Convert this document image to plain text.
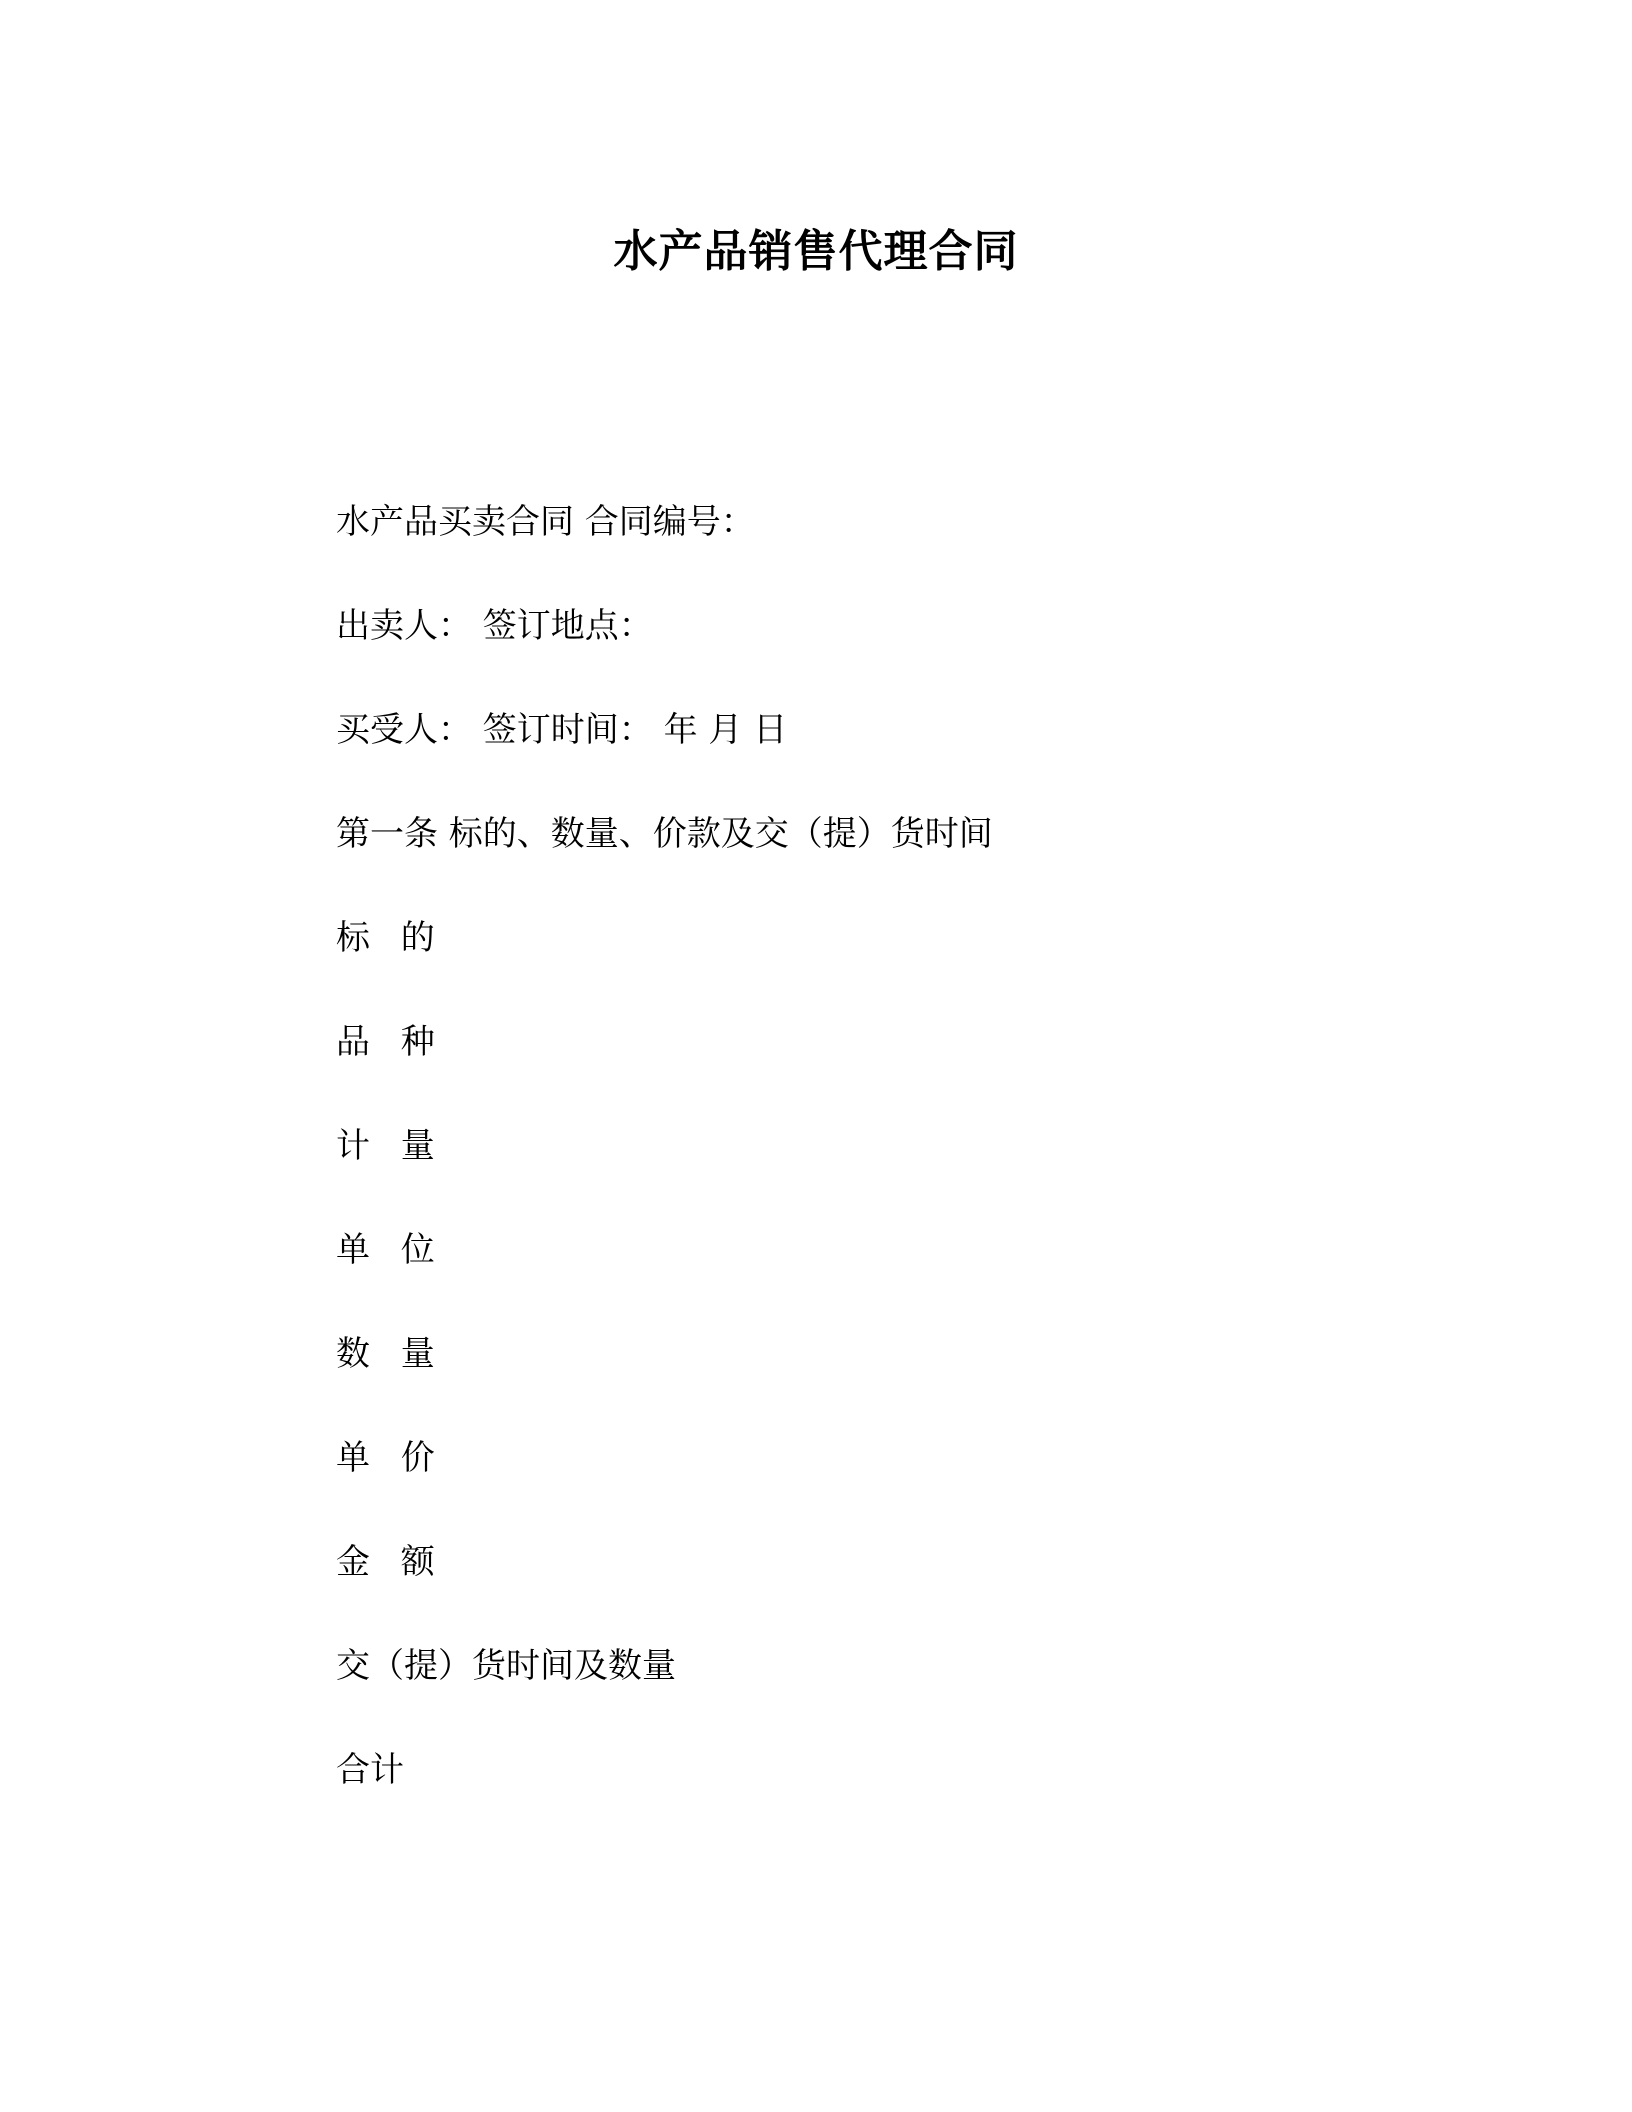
水产品销售代理合同
水产品买卖合同 合同编号：
出卖人： 签订地点：
买受人： 签订时间： 年 月 日
第一条 标的、数量、价款及交（提）货时间
标 的
品 种
计 量
单 位
数 量
单 价
金 额
交（提）货时间及数量
合计
